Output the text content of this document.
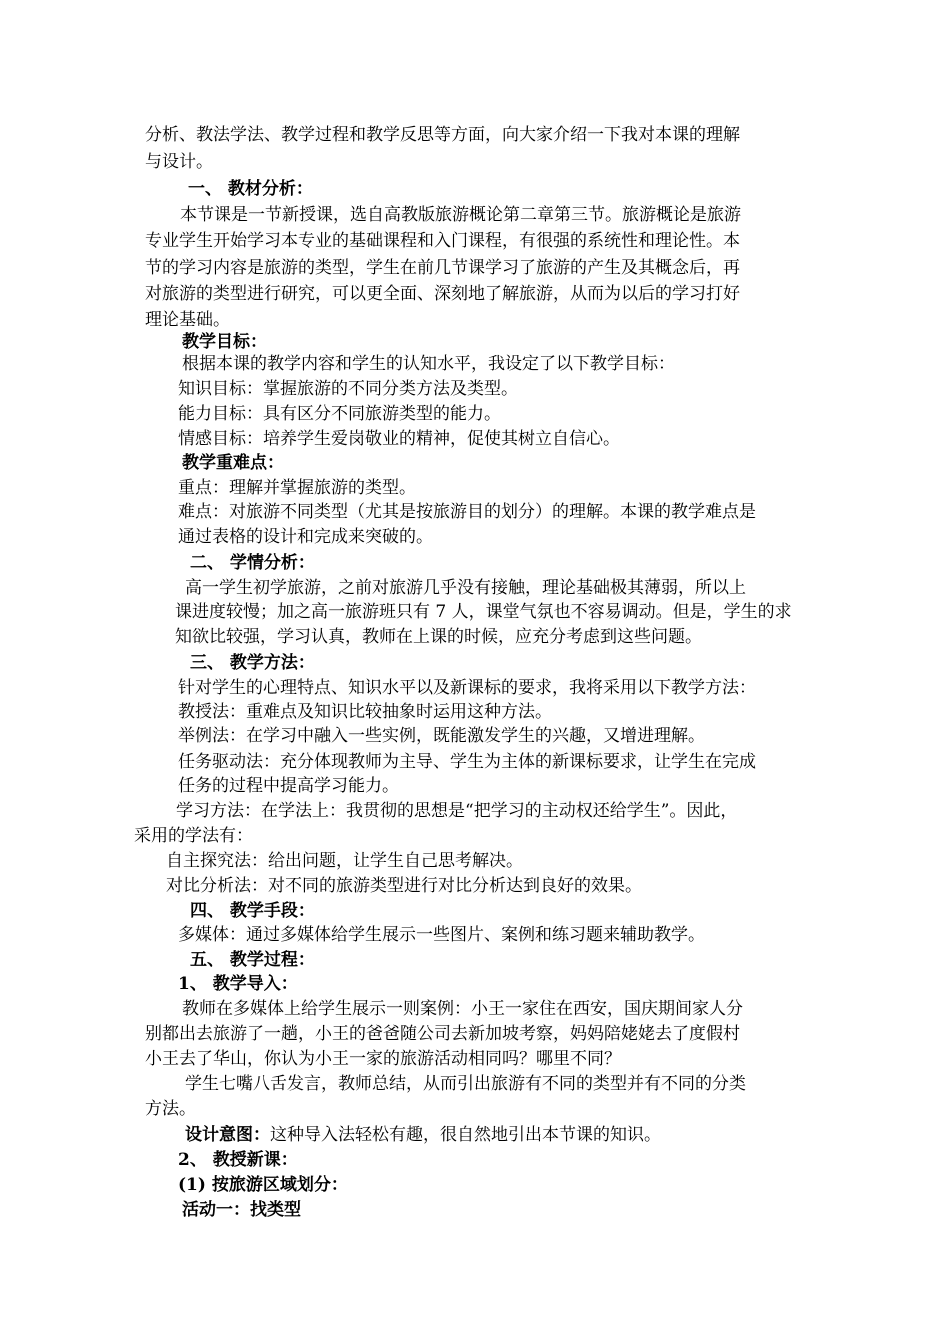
分析、教法学法、教学过程和教学反思等方面，向大家介绍一下我对本课的理解
与设计。
一、 教材分析：
本节课是一节新授课，选自高教版旅游概论第二章第三节。旅游概论是旅游
专业学生开始学习本专业的基础课程和入门课程，有很强的系统性和理论性。本
节的学习内容是旅游的类型，学生在前几节课学习了旅游的产生及其概念后，再
对旅游的类型进行研究，可以更全面、深刻地了解旅游，从而为以后的学习打好
理论基础。
教学目标：
根据本课的教学内容和学生的认知水平，我设定了以下教学目标：
知识目标：掌握旅游的不同分类方法及类型。
能力目标：具有区分不同旅游类型的能力。
情感目标：培养学生爱岗敬业的精神，促使其树立自信心。
教学重难点：
重点：理解并掌握旅游的类型。
难点：对旅游不同类型（尤其是按旅游目的划分）的理解。本课的教学难点是
通过表格的设计和完成来突破的。
二、 学情分析：
高一学生初学旅游，之前对旅游几乎没有接触，理论基础极其薄弱，所以上
课进度较慢；加之高一旅游班只有 7 人，课堂气氛也不容易调动。但是，学生的求
知欲比较强，学习认真，教师在上课的时候，应充分考虑到这些问题。
三、 教学方法：
针对学生的心理特点、知识水平以及新课标的要求，我将采用以下教学方法：
教授法：重难点及知识比较抽象时运用这种方法。
举例法：在学习中融入一些实例，既能激发学生的兴趣，又增进理解。
任务驱动法：充分体现教师为主导、学生为主体的新课标要求，让学生在完成
任务的过程中提高学习能力。
学习方法：在学法上：我贯彻的思想是“把学习的主动权还给学生”。因此，
采用的学法有：
自主探究法：给出问题，让学生自己思考解决。
对比分析法：对不同的旅游类型进行对比分析达到良好的效果。
四、 教学手段：
多媒体：通过多媒体给学生展示一些图片、案例和练习题来辅助教学。
五、 教学过程：
1、 教学导入：
教师在多媒体上给学生展示一则案例：小王一家住在西安，国庆期间家人分
别都出去旅游了一趟，小王的爸爸随公司去新加坡考察，妈妈陪姥姥去了度假村
小王去了华山，你认为小王一家的旅游活动相同吗？哪里不同？
学生七嘴八舌发言，教师总结，从而引出旅游有不同的类型并有不同的分类
方法。
设计意图：这种导入法轻松有趣，很自然地引出本节课的知识。
2、 教授新课：
(1) 按旅游区域划分：
活动一：找类型
